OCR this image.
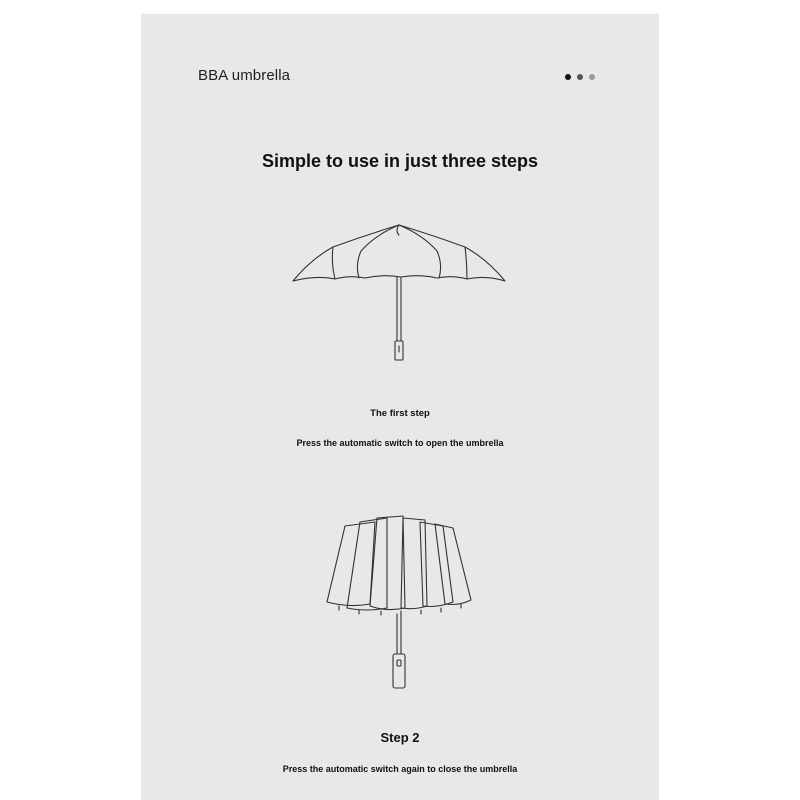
BBA umbrella
Simple to use in just three steps
The first step
Press the automatic switch to open the umbrella
Step 2
Press the automatic switch again to close the umbrella
